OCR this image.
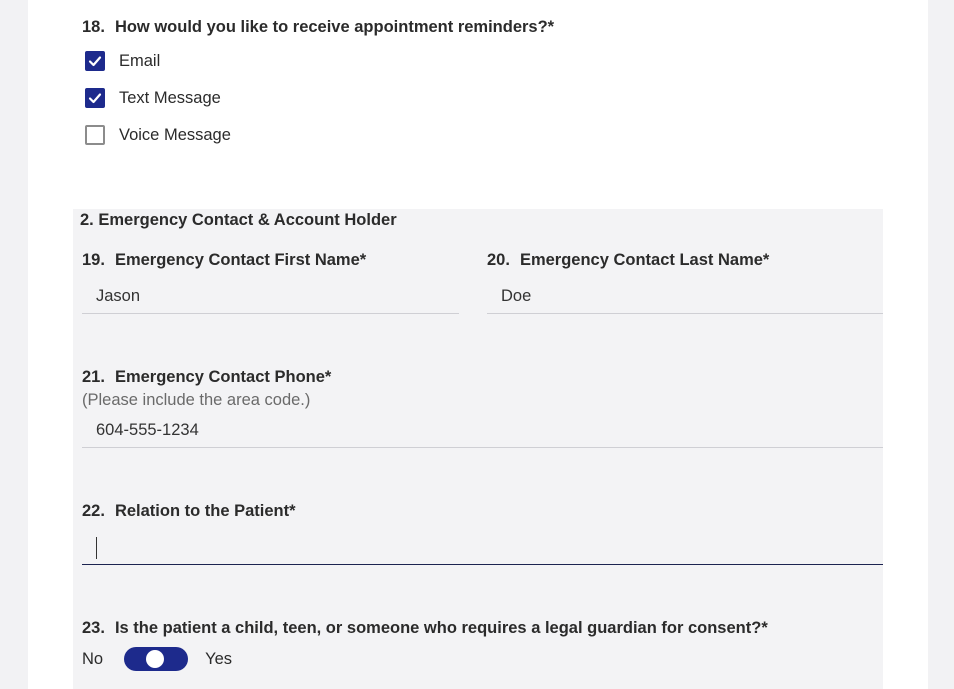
18. How would you like to receive appointment reminders?*
Email
Text Message
Voice Message
2. Emergency Contact & Account Holder
19. Emergency Contact First Name*
Jason
20. Emergency Contact Last Name*
Doe
21. Emergency Contact Phone*
(Please include the area code.)
604-555-1234
22. Relation to the Patient*
23. Is the patient a child, teen, or someone who requires a legal guardian for consent?*
No	Yes
